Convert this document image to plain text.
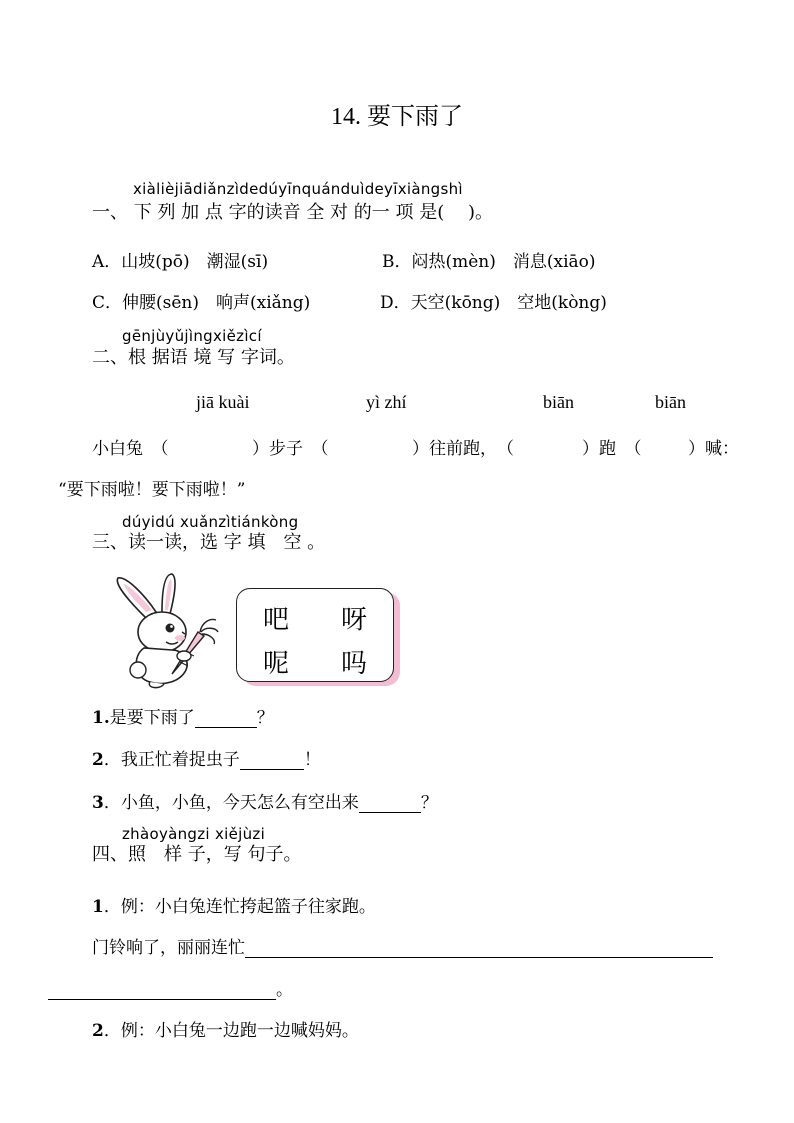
14. 要下雨了
xiàlièjiādiǎnzìdedúyīnquánduìdeyīxiàngshì
一、 下 列 加 点 字的读音 全 对 的一 项 是(　 )。
A．山坡(pō)　潮湿(sī)	B．闷热(mèn)　消息(xiāo)
C．伸腰(sēn)　响声(xiǎng)	D．天空(kōng)　空地(kòng)
gēnjùyǔjìngxiězìcí
二、根 据语 境 写 字词。
jiā kuài	yì zhí	biān	biān
小白兔　（	）步子　（	）往前跑，　（	）跑　（	）喊：
“要下雨啦！要下雨啦！”
dúyidú xuǎnzìtiánkòng
三、读一读，选 字 填　空 。
吧 呀
呢 吗
1.是要下雨了	？
2．我正忙着捉虫子	！
3．小鱼，小鱼，今天怎么有空出来	？
zhàoyàngzi xiějùzi
四、照　样 子，写 句子。
1．例：小白兔连忙挎起篮子往家跑。
门铃响了，丽丽连忙
。
2．例：小白兔一边跑一边喊妈妈。
